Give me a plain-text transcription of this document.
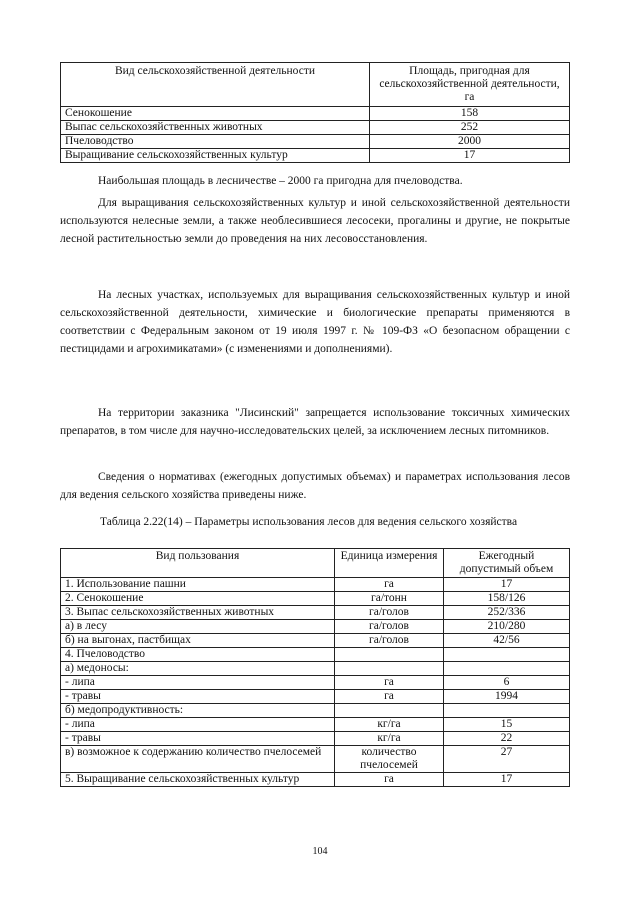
Вид сельскохозяйственной деятельности	Площадь, пригодная для сельскохозяйственной деятельности, га
Сенокошение	158
Выпас сельскохозяйственных животных	252
Пчеловодство	2000
Выращивание сельскохозяйственных культур	17
Наибольшая площадь в лесничестве – 2000 га пригодна для пчеловодства.
Для выращивания сельскохозяйственных культур и иной сельскохозяйственной деятельности используются нелесные земли, а также необлесившиеся лесосеки, прогалины и другие, не покрытые лесной растительностью земли до проведения на них лесовосстановления.
На лесных участках, используемых для выращивания сельскохозяйственных культур и иной сельскохозяйственной деятельности, химические и биологические препараты применяются в соответствии с Федеральным законом от 19 июля 1997 г. № 109-ФЗ «О безопасном обращении с пестицидами и агрохимикатами» (с изменениями и дополнениями).
На территории заказника "Лисинский" запрещается использование токсичных химических препаратов, в том числе для научно-исследовательских целей, за исключением лесных питомников.
Сведения о нормативах (ежегодных допустимых объемах) и параметрах использования лесов для ведения сельского хозяйства приведены ниже.
Таблица 2.22(14) – Параметры использования лесов для ведения сельского хозяйства
Вид пользования	Единица измерения	Ежегодный допустимый объем
1. Использование пашни	га	17
2. Сенокошение	га/тонн	158/126
3. Выпас сельскохозяйственных животных	га/голов	252/336
а) в лесу	га/голов	210/280
б) на выгонах, пастбищах	га/голов	42/56
4. Пчеловодство		
а) медоносы:		
- липа	га	6
- травы	га	1994
б) медопродуктивность:		
- липа	кг/га	15
- травы	кг/га	22
в) возможное к содержанию количество пчелосемей	количество пчелосемей	27
5. Выращивание сельскохозяйственных культур	га	17
104
